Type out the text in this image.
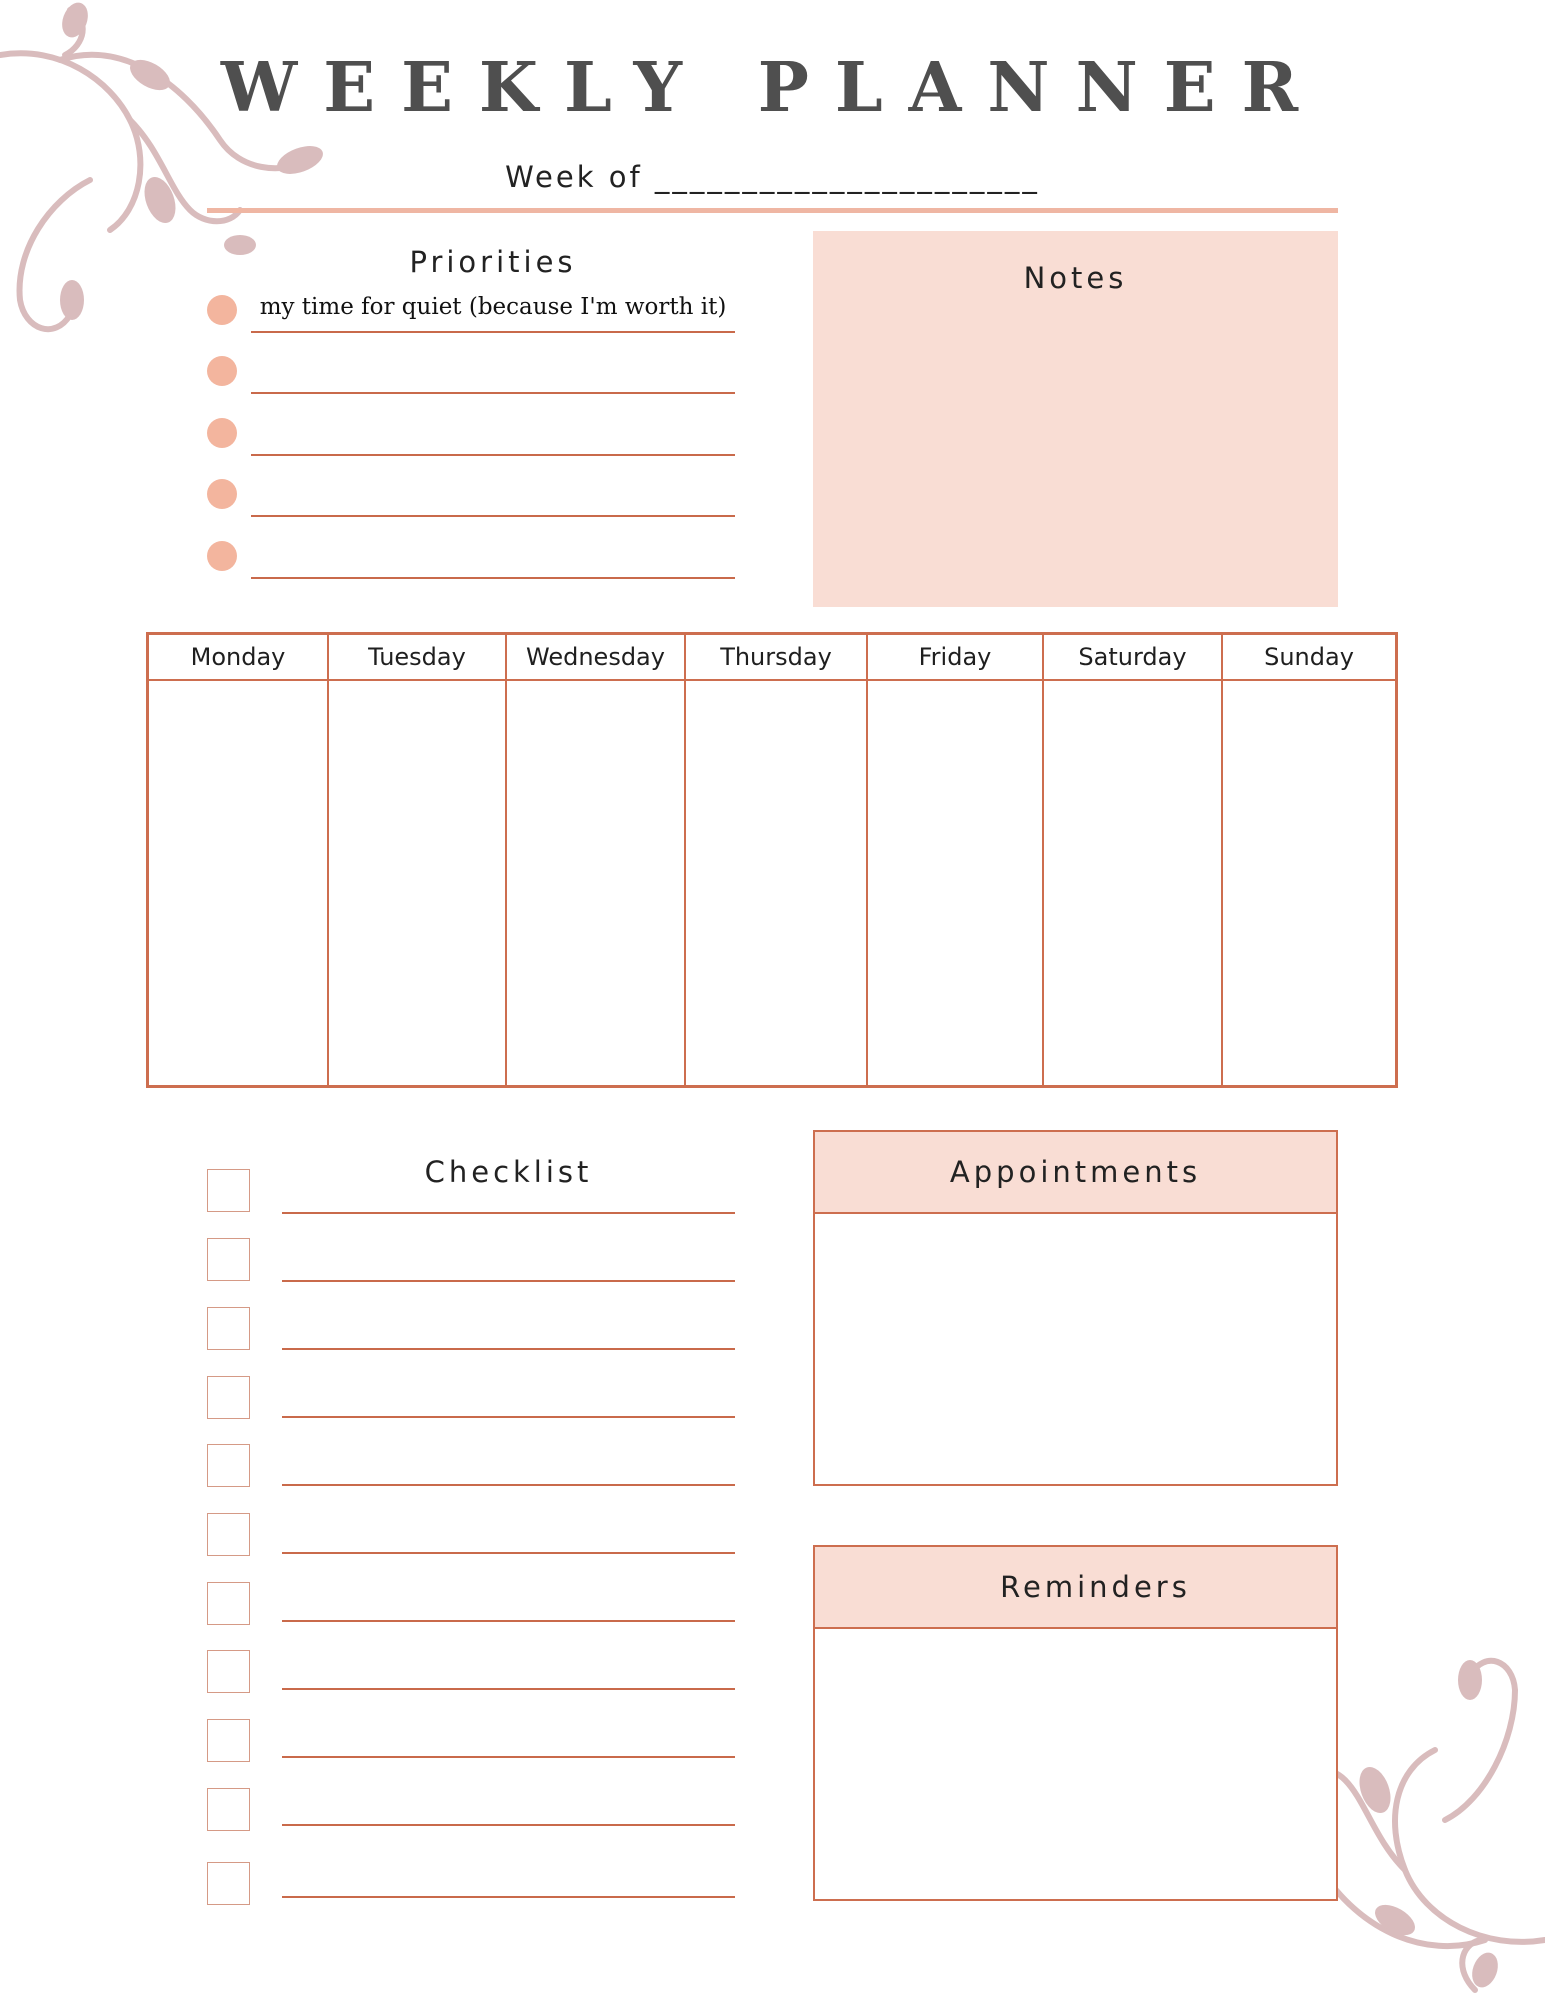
WEEKLY PLANNER
Week of ______________________
Priorities
my time for quiet (because I'm worth it)
Notes
Monday	Tuesday	Wednesday	Thursday	Friday	Saturday	Sunday
Checklist	Appointments
Reminders
